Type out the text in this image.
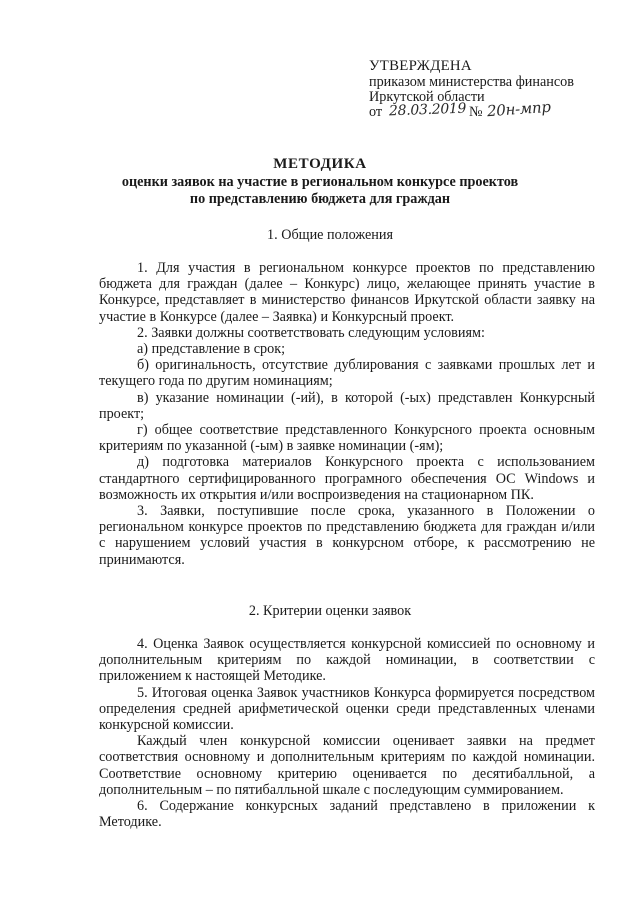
УТВЕРЖДЕНА
приказом министерства финансов
Иркутской области
от 28.03.2019 № 20н-мпр
МЕТОДИКА
оценки заявок на участие в региональном конкурсе проектов
по представлению бюджета для граждан
1. Общие положения

1. Для участия в региональном конкурсе проектов по представлению бюджета для граждан (далее – Конкурс) лицо, желающее принять участие в Конкурсе, представляет в министерство финансов Иркутской области заявку на участие в Конкурсе (далее – Заявка) и Конкурсный проект.

2. Заявки должны соответствовать следующим условиям:

а) представление в срок;

б) оригинальность, отсутствие дублирования с заявками прошлых лет и текущего года по другим номинациям;

в) указание номинации (-ий), в которой (-ых) представлен Конкурсный проект;

г) общее соответствие представленного Конкурсного проекта основным критериям по указанной (-ым) в заявке номинации (-ям);

д) подготовка материалов Конкурсного проекта с использованием стандартного сертифицированного програмного обеспечения ОС Windows и возможность их открытия и/или воспроизведения на стационарном ПК.

3. Заявки, поступившие после срока, указанного в Положении о региональном конкурсе проектов по представлению бюджета для граждан и/или с нарушением условий участия в конкурсном отборе, к рассмотрению не принимаются.

2. Критерии оценки заявок

4. Оценка Заявок осуществляется конкурсной комиссией по основному и дополнительным критериям по каждой номинации, в соответствии с приложением к настоящей Методике.

5. Итоговая оценка Заявок участников Конкурса формируется посредством определения средней арифметической оценки среди представленных членами конкурсной комиссии.

Каждый член конкурсной комиссии оценивает заявки на предмет соответствия основному и дополнительным критериям по каждой номинации. Соответствие основному критерию оценивается по десятибалльной, а дополнительным – по пятибалльной шкале с последующим суммированием.

6. Содержание конкурсных заданий представлено в приложении к Методике.
